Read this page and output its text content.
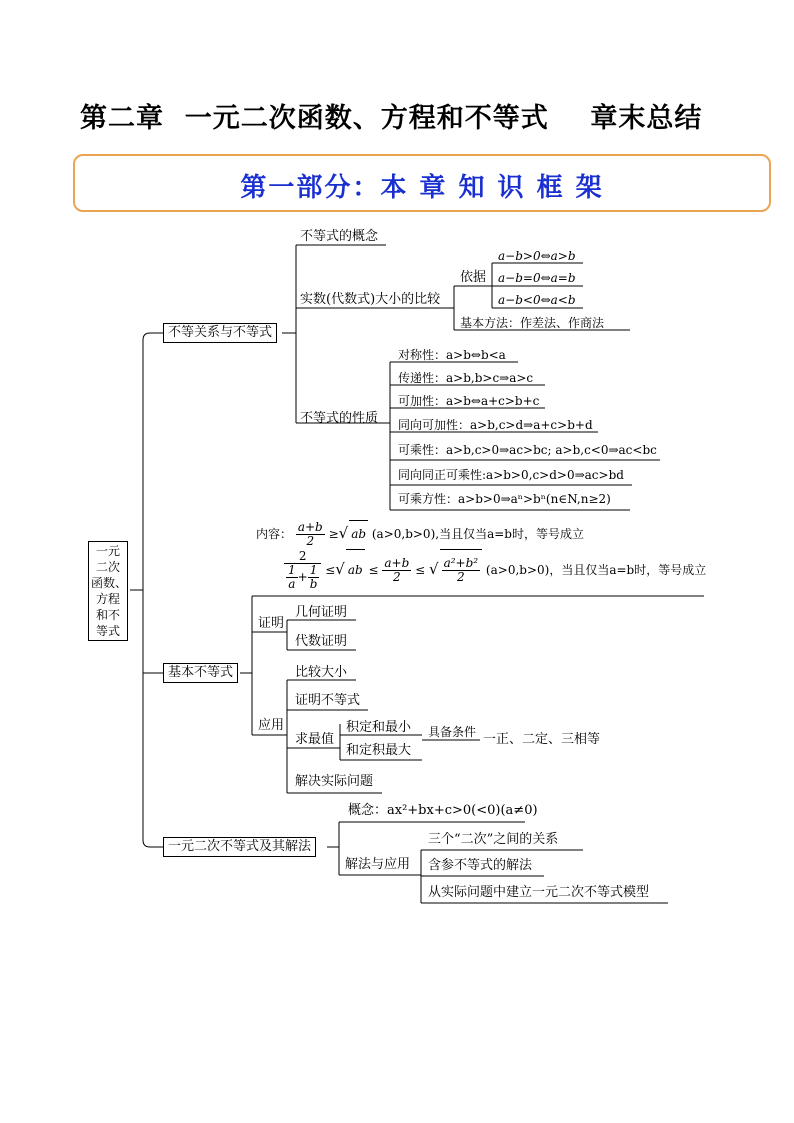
第二章  一元二次函数、方程和不等式    章末总结
第一部分：本 章 知 识 框 架
一元
二次
函数、
方程
和不
等式
不等关系与不等式
不等式的概念
实数(代数式)大小的比较
依据
a−b>0⇔a>b
a−b=0⇔a=b
a−b<0⇔a<b
基本方法：作差法、作商法
不等式的性质
对称性：a>b⇔b<a
传递性：a>b,b>c⇒a>c
可加性：a>b⇔a+c>b+c
同向可加性：a>b,c>d⇒a+c>b+d
可乘性：a>b,c>0⇒ac>bc; a>b,c<0⇒ac<bc
同向同正可乘性:a>b>0,c>d>0⇒ac>bd
可乘方性：a>b>0⇒aⁿ>bⁿ(n∈N,n≥2)
基本不等式
内容： $\frac{a+b}{2}$ ≥√ ab (a>0,b>0),当且仅当a=b时，等号成立
$\frac{2}{\frac{1}{a} + \frac{1}{b}}$ ≤√ ab ≤ $\frac{a+b}{2}$ ≤ √ $\frac{\text{a²+b²}}{2} (a>0,b>0)$，当且仅当a=b时，等号成立
证明
几何证明
代数证明
应用
比较大小
证明不等式
求最值
解决实际问题
积定和最小
和定积最大
具备条件 一正、二定、三相等
一元二次不等式及其解法
概念：ax²+bx+c>0(<0)(a≠0)
解法与应用
三个“二次”之间的关系
含参不等式的解法
从实际问题中建立一元二次不等式模型
